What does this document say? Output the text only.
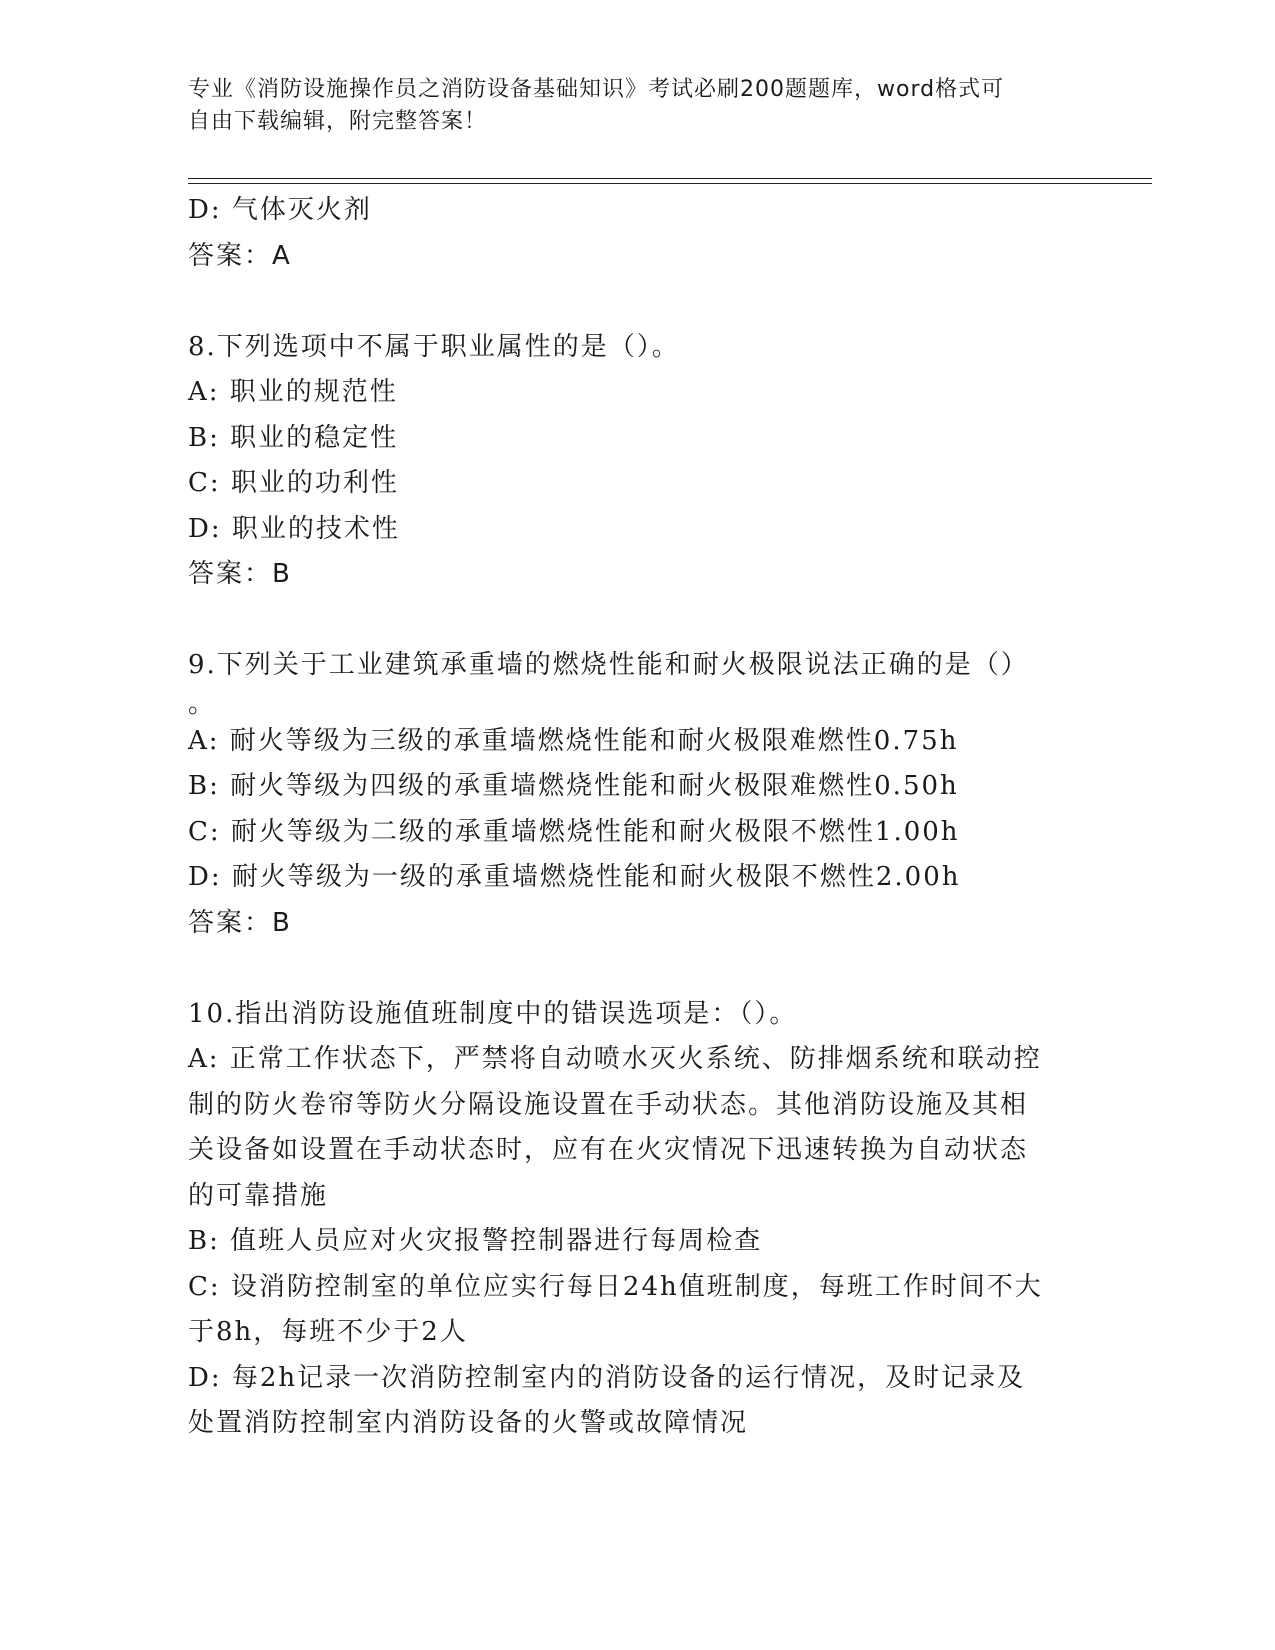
专业《消防设施操作员之消防设备基础知识》考试必刷200题题库，word格式可
自由下载编辑，附完整答案！
D: 气体灭火剂
答案：A
8.下列选项中不属于职业属性的是（）。
A: 职业的规范性
B: 职业的稳定性
C: 职业的功利性
D: 职业的技术性
答案：B
9.下列关于工业建筑承重墙的燃烧性能和耐火极限说法正确的是（）
。
A: 耐火等级为三级的承重墙燃烧性能和耐火极限难燃性0.75h
B: 耐火等级为四级的承重墙燃烧性能和耐火极限难燃性0.50h
C: 耐火等级为二级的承重墙燃烧性能和耐火极限不燃性1.00h
D: 耐火等级为一级的承重墙燃烧性能和耐火极限不燃性2.00h
答案：B
10.指出消防设施值班制度中的错误选项是：（）。
A: 正常工作状态下，严禁将自动喷水灭火系统、防排烟系统和联动控
制的防火卷帘等防火分隔设施设置在手动状态。其他消防设施及其相
关设备如设置在手动状态时，应有在火灾情况下迅速转换为自动状态
的可靠措施
B: 值班人员应对火灾报警控制器进行每周检查
C: 设消防控制室的单位应实行每日24h值班制度，每班工作时间不大
于8h，每班不少于2人
D: 每2h记录一次消防控制室内的消防设备的运行情况，及时记录及
处置消防控制室内消防设备的火警或故障情况
